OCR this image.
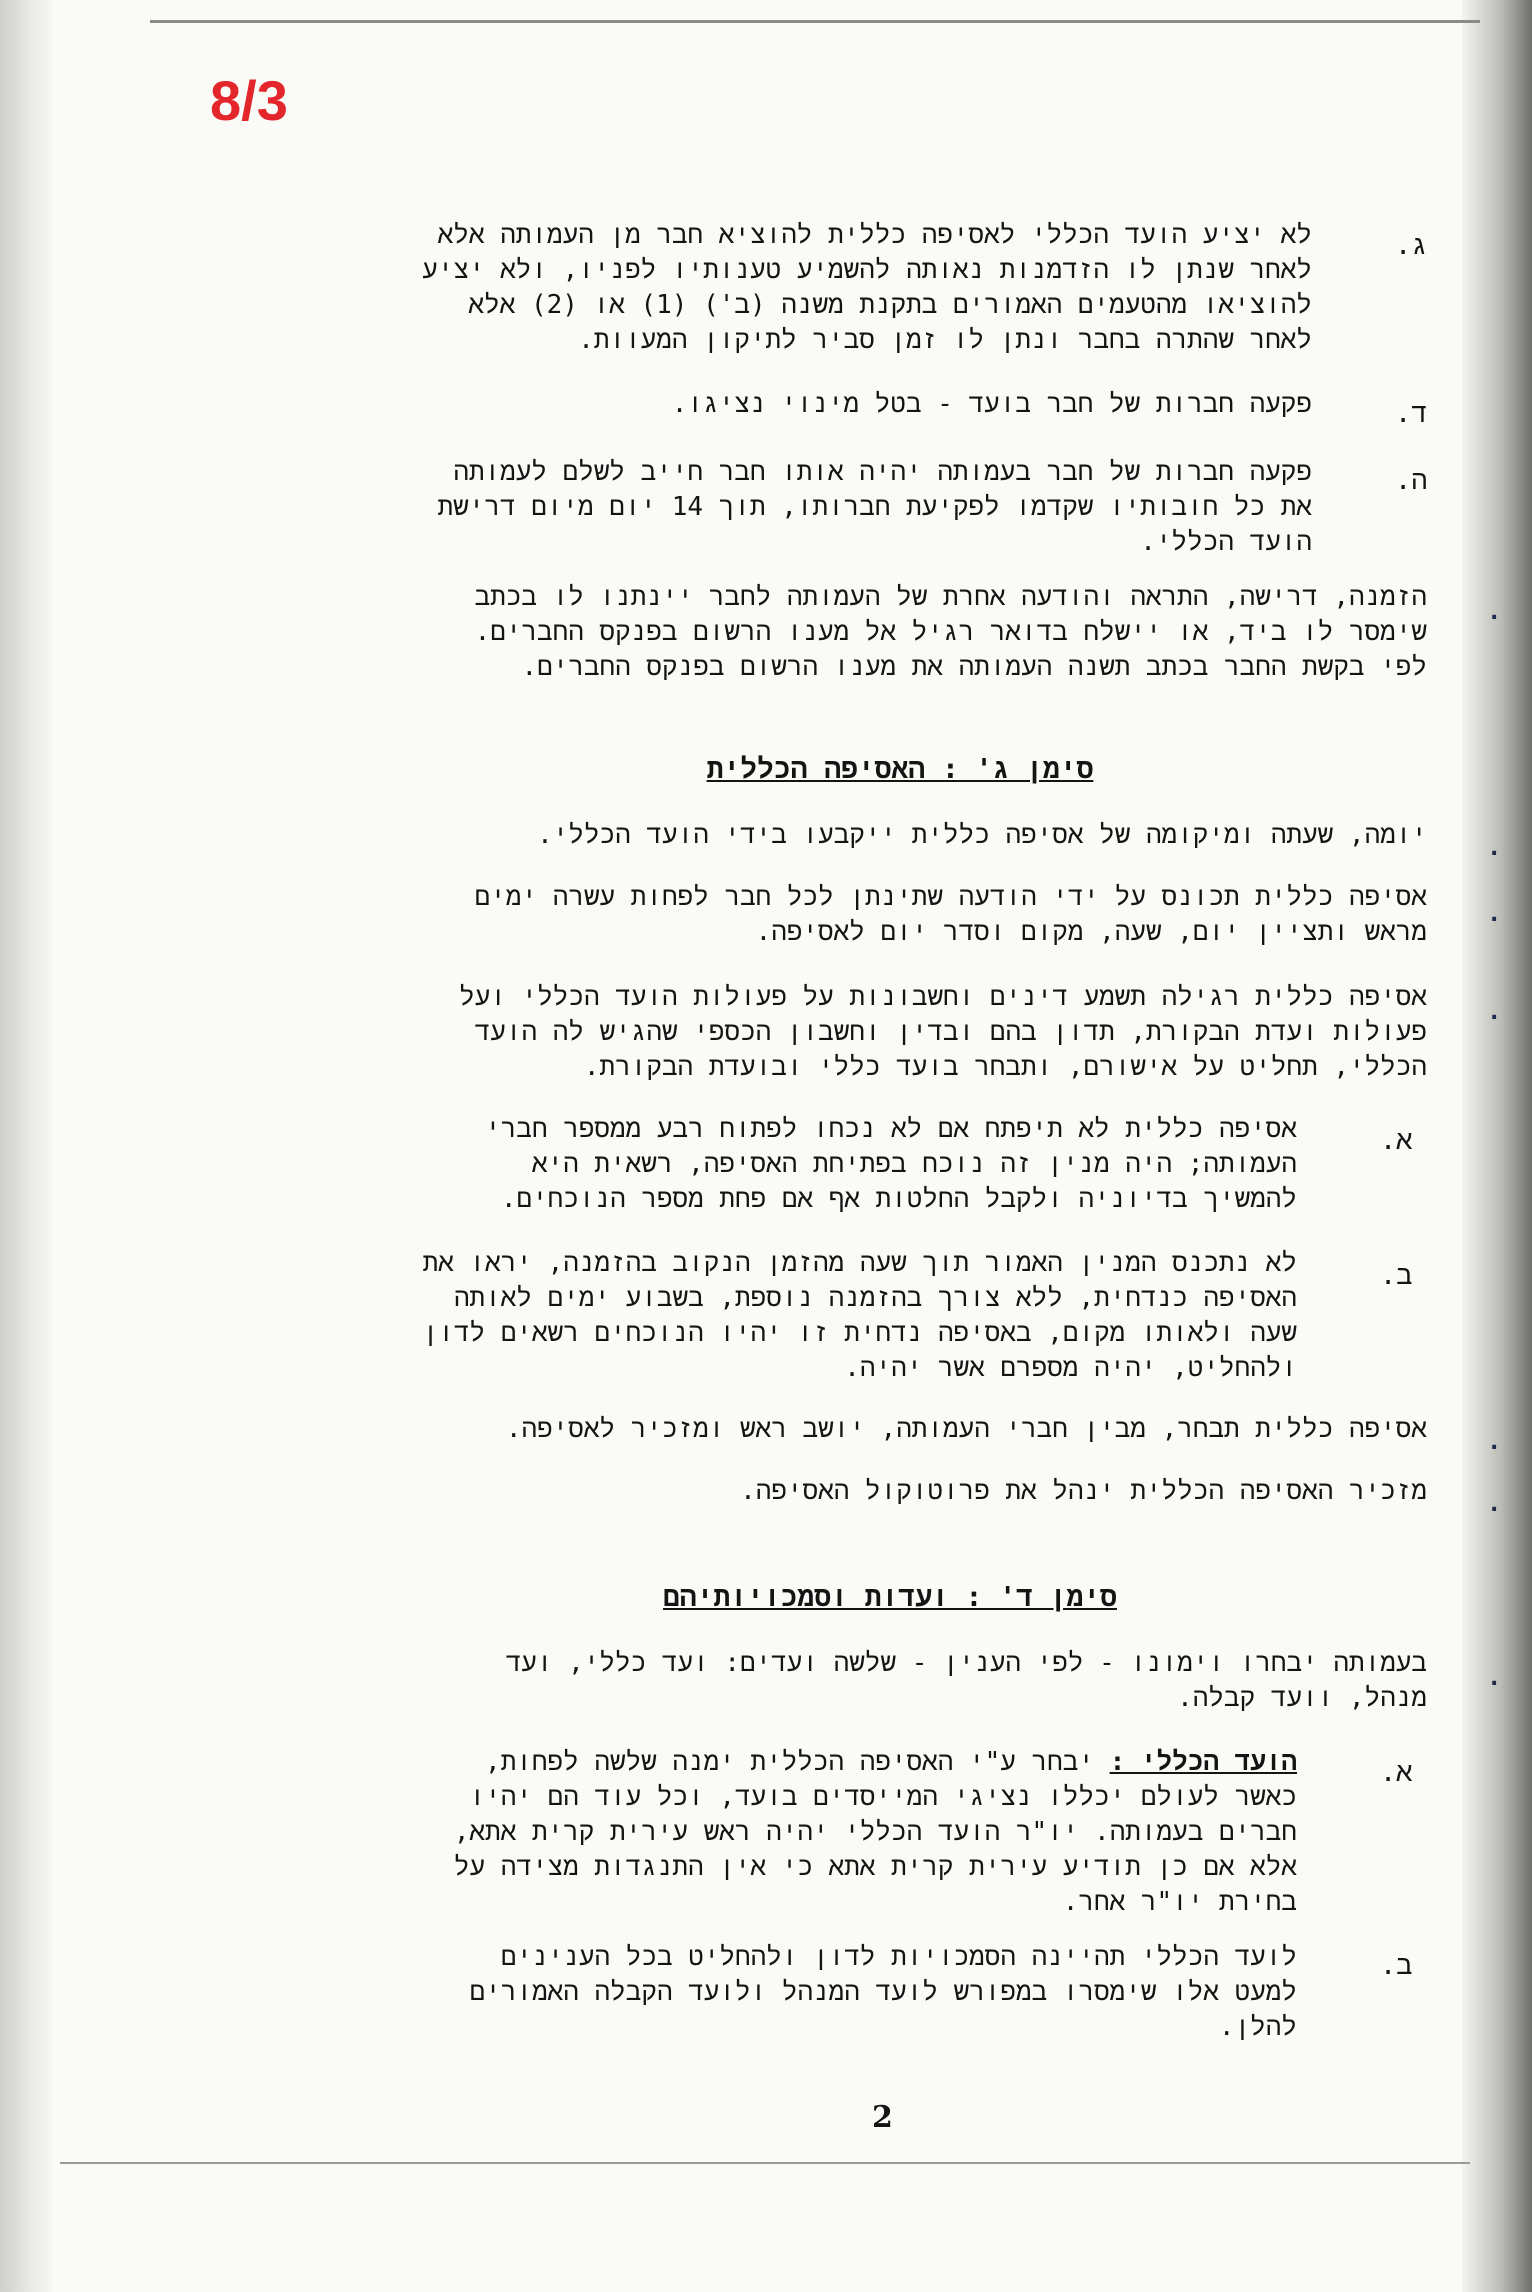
8/3
ג.
לא יציע הועד הכללי לאסיפה כללית להוציא חבר מן העמותה אלא
לאחר שנתן לו הזדמנות נאותה להשמיע טענותיו לפניו, ולא יציע
להוציאו מהטעמים האמורים בתקנת משנה (ב') (1) או (2) אלא
לאחר שהתרה בחבר ונתן לו זמן סביר לתיקון המעוות.
ד.
פקעה חברות של חבר בועד - בטל מינוי נציגו.
ה.
פקעה חברות של חבר בעמותה יהיה אותו חבר חייב לשלם לעמותה
את כל חובותיו שקדמו לפקיעת חברותו, תוך 14 יום מיום דרישת
הועד הכללי.
.
הזמנה, דרישה, התראה והודעה אחרת של העמותה לחבר יינתנו לו בכתב
שימסר לו ביד, או יישלח בדואר רגיל אל מענו הרשום בפנקס החברים.
לפי בקשת החבר בכתב תשנה העמותה את מענו הרשום בפנקס החברים.
סימן ג' : האסיפה הכללית
.
יומה, שעתה ומיקומה של אסיפה כללית ייקבעו בידי הועד הכללי.
.
אסיפה כללית תכונס על ידי הודעה שתינתן לכל חבר לפחות עשרה ימים
מראש ותציין יום, שעה, מקום וסדר יום לאסיפה.
.
אסיפה כללית רגילה תשמע דינים וחשבונות על פעולות הועד הכללי ועל
פעולות ועדת הבקורת, תדון בהם ובדין וחשבון הכספי שהגיש לה הועד
הכללי, תחליט על אישורם, ותבחר בועד כללי ובועדת הבקורת.
א.
אסיפה כללית לא תיפתח אם לא נכחו לפתוח רבע ממספר חברי
העמותה; היה מנין זה נוכח בפתיחת האסיפה, רשאית היא
להמשיך בדיוניה ולקבל החלטות אף אם פחת מספר הנוכחים.
ב.
לא נתכנס המנין האמור תוך שעה מהזמן הנקוב בהזמנה, יראו את
האסיפה כנדחית, ללא צורך בהזמנה נוספת, בשבוע ימים לאותה
שעה ולאותו מקום, באסיפה נדחית זו יהיו הנוכחים רשאים לדון
ולהחליט, יהיה מספרם אשר יהיה.
.
אסיפה כללית תבחר, מבין חברי העמותה, יושב ראש ומזכיר לאסיפה.
.
מזכיר האסיפה הכללית ינהל את פרוטוקול האסיפה.
סימן ד' : ועדות וסמכויותיהם
.
בעמותה יבחרו וימונו - לפי הענין - שלשה ועדים: ועד כללי, ועד
מנהל, וועד קבלה.
א.
הועד הכללי : יבחר ע"י האסיפה הכללית ימנה שלשה לפחות,
כאשר לעולם יכללו נציגי המייסדים בועד, וכל עוד הם יהיו
חברים בעמותה. יו"ר הועד הכללי יהיה ראש עירית קרית אתא,
אלא אם כן תודיע עירית קרית אתא כי אין התנגדות מצידה על
בחירת יו"ר אחר.
ב.
לועד הכללי תהיינה הסמכויות לדון ולהחליט בכל הענינים
למעט אלו שימסרו במפורש לועד המנהל ולועד הקבלה האמורים
להלן.
2
